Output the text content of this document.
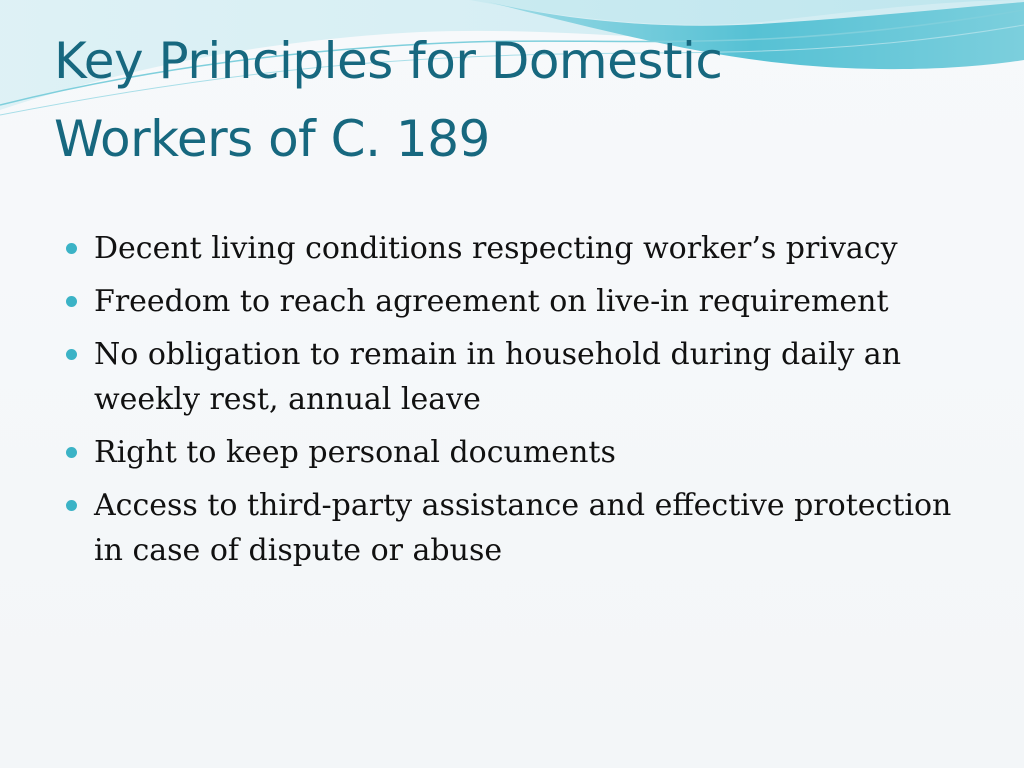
Key Principles for Domestic
Workers of C. 189
Decent living conditions respecting worker’s privacy
Freedom to reach agreement on live-in requirement
No obligation to remain in household during daily an weekly rest, annual leave
Right to keep personal documents
Access to third-party assistance and effective protection in case of dispute or abuse
